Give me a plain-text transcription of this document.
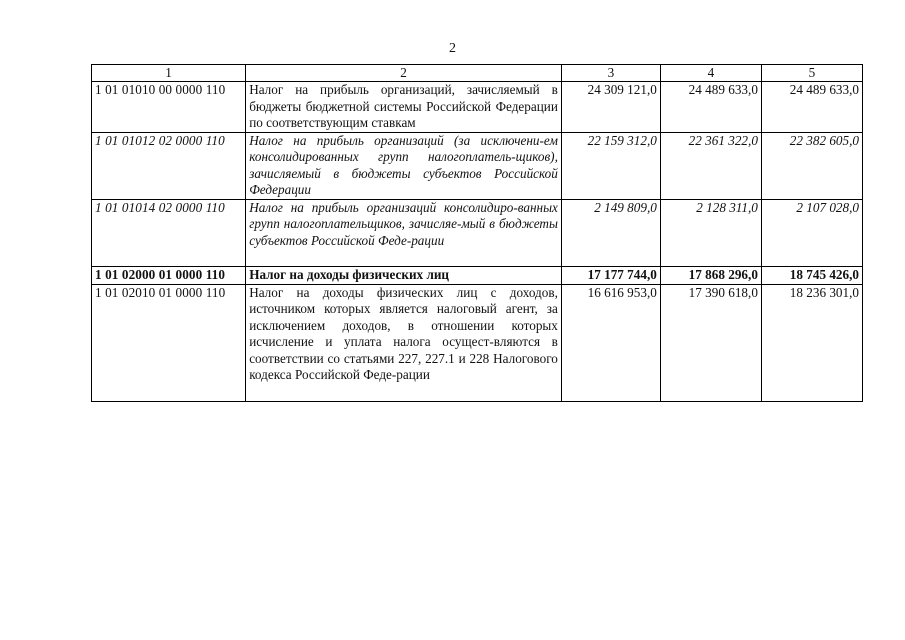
2
1	2	3	4	5
1 01 01010 00 0000 110	Налог на прибыль организаций, зачисляемый в бюджеты бюджетной системы Российской Федерации по соответствующим ставкам	24 309 121,0	24 489 633,0	24 489 633,0
1 01 01012 02 0000 110	Налог на прибыль организаций (за исключени-ем консолидированных групп налогоплатель-щиков), зачисляемый в бюджеты субъектов Российской Федерации	22 159 312,0	22 361 322,0	22 382 605,0
1 01 01014 02 0000 110	Налог на прибыль организаций консолидиро-ванных групп налогоплательщиков, зачисляе-мый в бюджеты субъектов Российской Феде-рации	2 149 809,0	2 128 311,0	2 107 028,0
1 01 02000 01 0000 110	Налог на доходы физических лиц	17 177 744,0	17 868 296,0	18 745 426,0
1 01 02010 01 0000 110	Налог на доходы физических лиц с доходов, источником которых является налоговый агент, за исключением доходов, в отношении которых исчисление и уплата налога осущест-вляются в соответствии со статьями 227, 227.1 и 228 Налогового кодекса Российской Феде-рации	16 616 953,0	17 390 618,0	18 236 301,0
